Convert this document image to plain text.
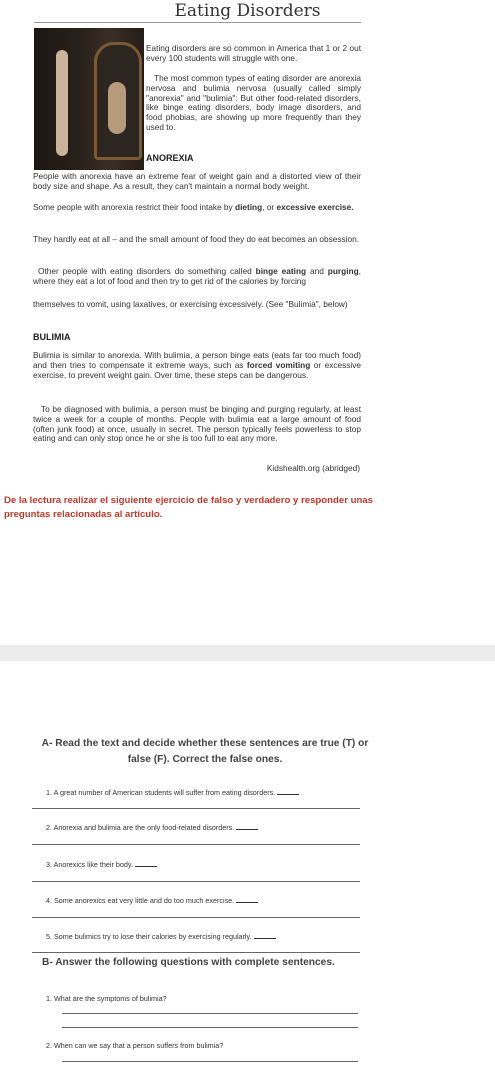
Eating Disorders

Eating disorders are so common in America that 1 or 2 out every 100 students will struggle with one.

The most common types of eating disorder are anorexia nervosa and bulimia nervosa (usually called simply "anorexia" and "bulimia": But other food-related disorders, like binge eating disorders, body image disorders, and food phobias, are showing up more frequently than they used to.

ANOREXIA

People with anorexia have an extreme fear of weight gain and a distorted view of their body size and shape. As a result, they can't maintain a normal body weight.

Some people with anorexia restrict their food intake by dieting, or excessive exercise.

They hardly eat at all – and the small amount of food they do eat becomes an obsession.

Other people with eating disorders do something called binge eating and purging, where they eat a lot of food and then try to get rid of the calories by forcing

themselves to vomit, using laxatives, or exercising excessively. (See "Bulimia", below)

BULIMIA

Bulimia is similar to anorexia. With bulimia, a person binge eats (eats far too much food) and then tries to compensate it extreme ways, such as forced vomiting or excessive exercise, to prevent weight gain. Over time, these steps can be dangerous.

To be diagnosed with bulimia, a person must be binging and purging regularly, at least twice a week for a couple of months. People with bulimia eat a large amount of food (often junk food) at once, usually in secret. The person typically feels powerless to stop eating and can only stop once he or she is too full to eat any more.

Kidshealth.org (abridged)

De la lectura realizar el siguiente ejercicio de falso y verdadero y responder unas preguntas relacionadas al artículo.

A- Read the text and decide whether these sentences are true (T) or false (F). Correct the false ones.

1. A great number of American students will suffer from eating disorders.

2. Anorexia and bulimia are the only food-related disorders.

3. Anorexics like their body.

4. Some anorexics eat very little and do too much exercise.

5. Some bulimics try to lose their calories by exercising regularly.

B- Answer the following questions with complete sentences.

1. What are the symptoms of bulimia?

2. When can we say that a person suffers from bulimia?
